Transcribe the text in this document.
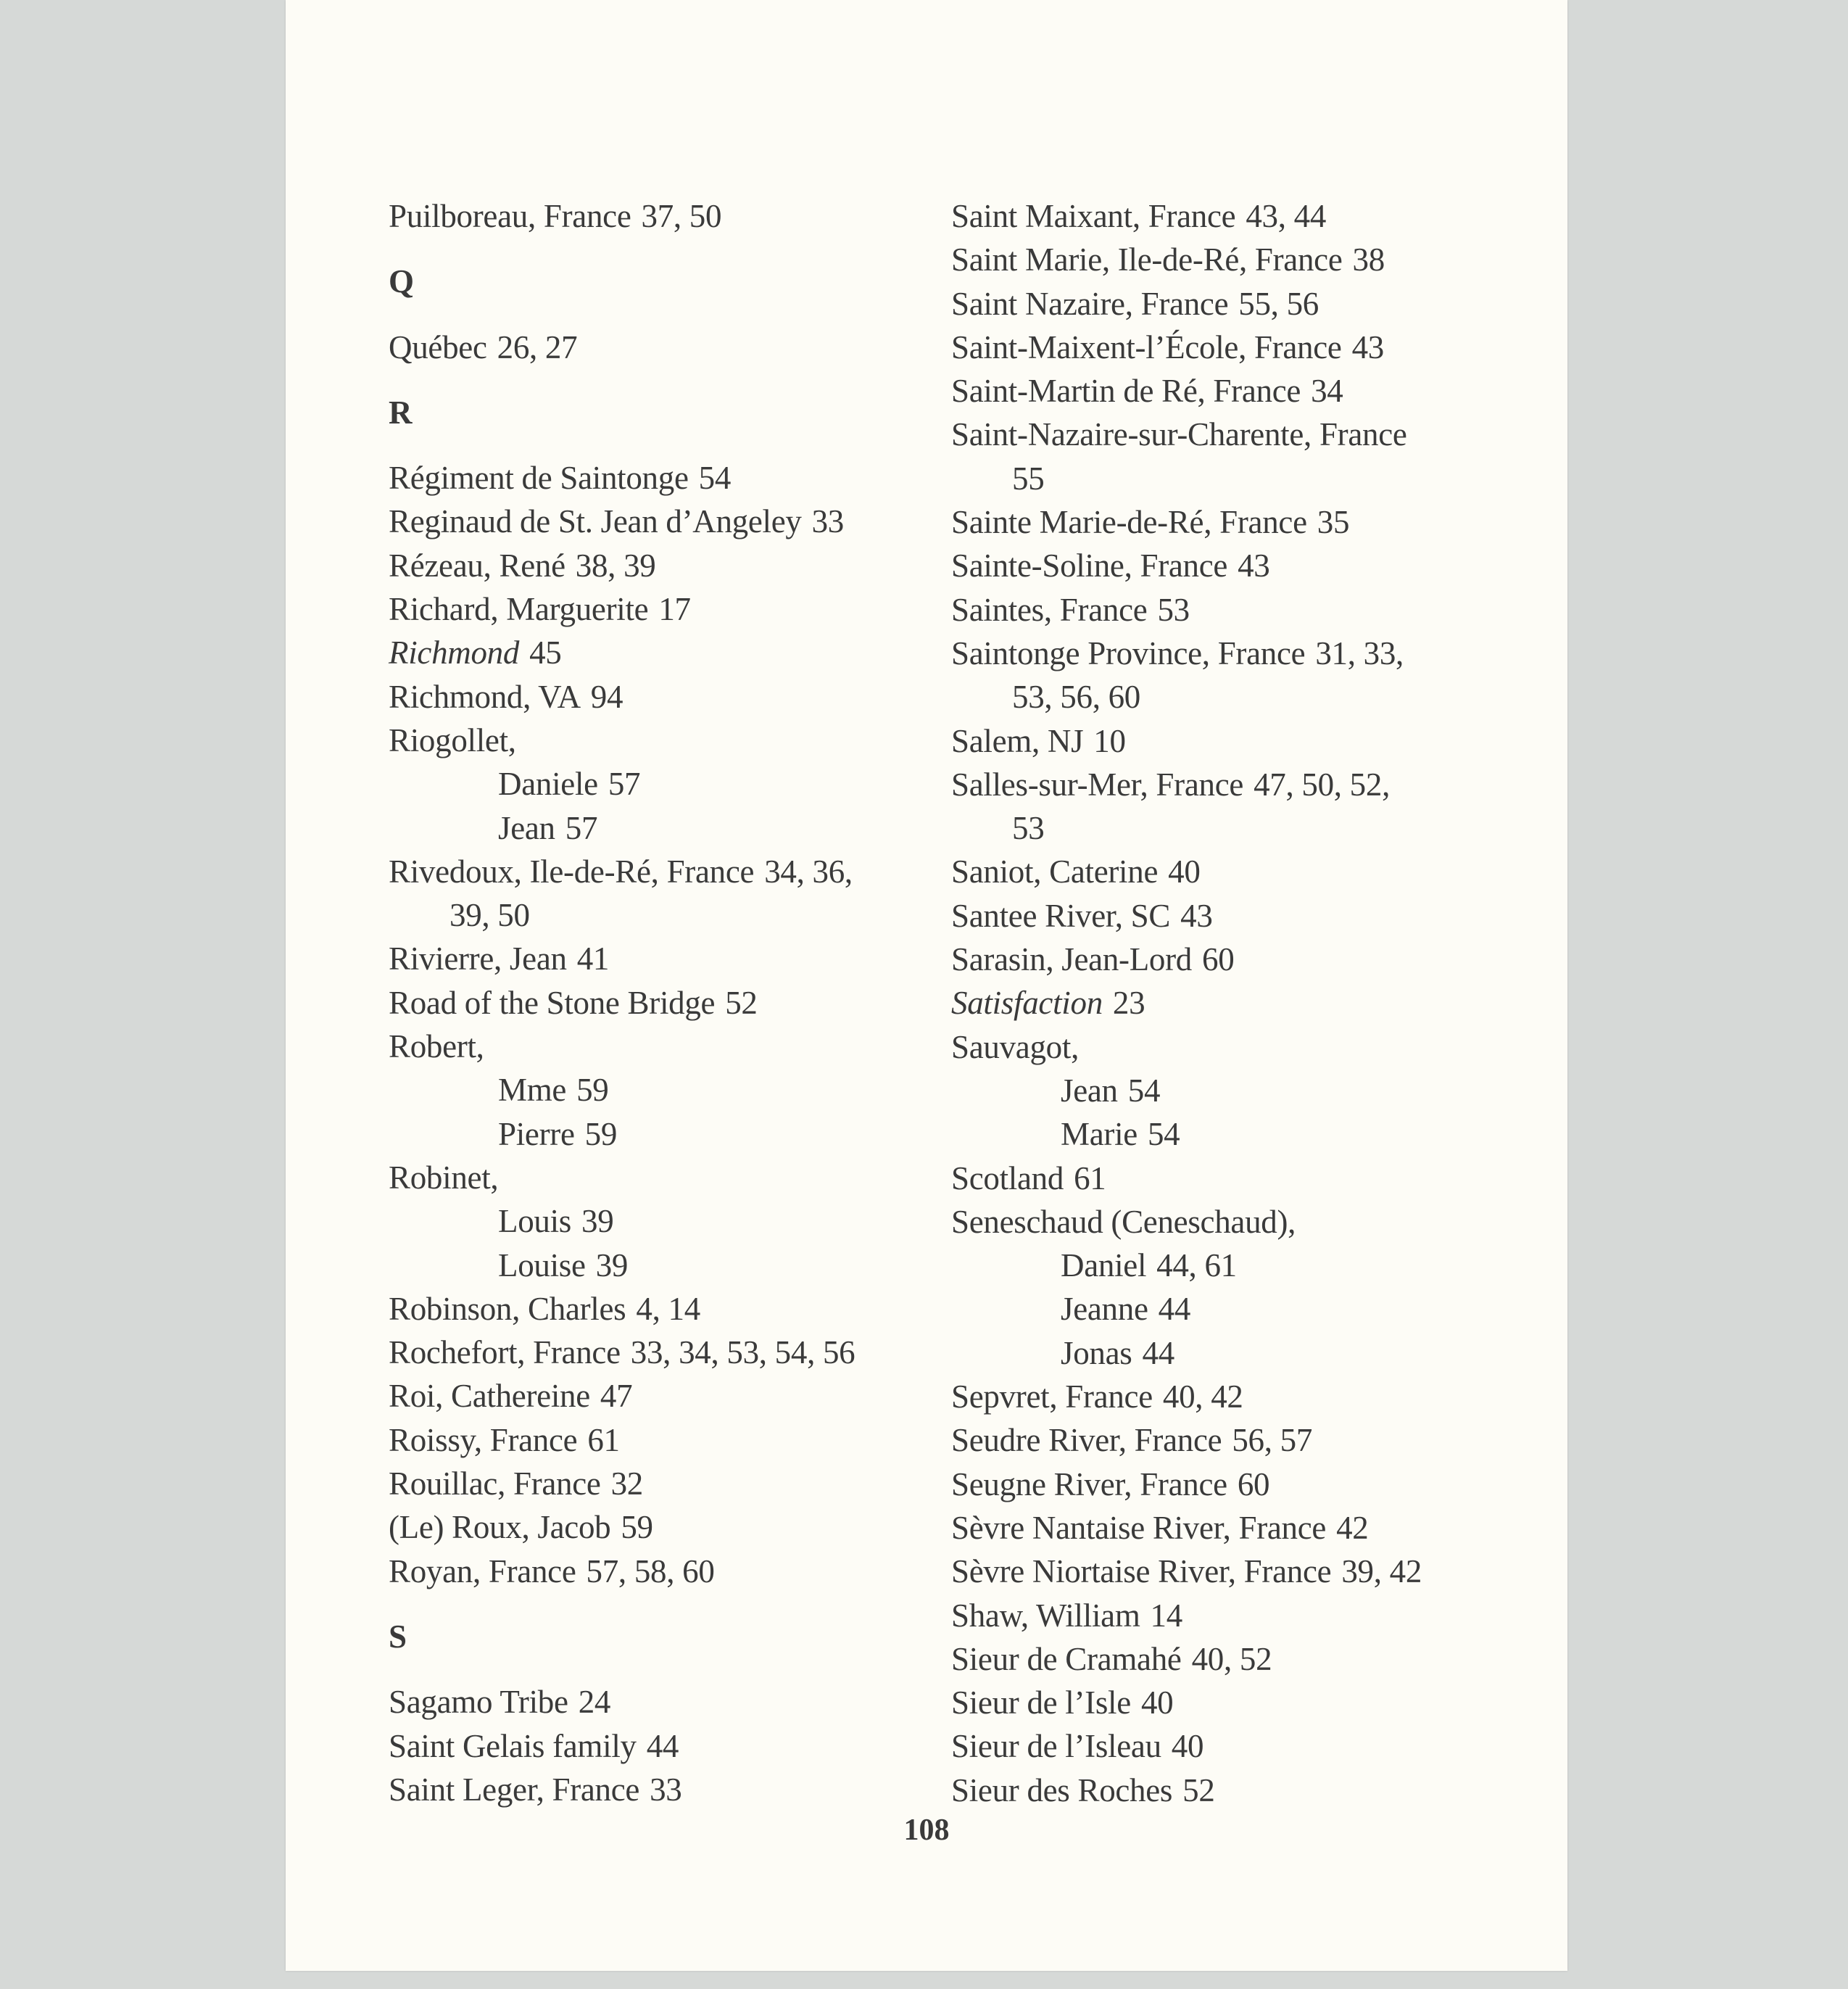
Puilboreau, France 37, 50
Q
Québec 26, 27
R
Régiment de Saintonge 54
Reginaud de St. Jean d’Angeley 33
Rézeau, René 38, 39
Richard, Marguerite 17
Richmond 45
Richmond, VA 94
Riogollet,
Daniele 57
Jean 57
Rivedoux, Ile-de-Ré, France 34, 36,
39, 50
Rivierre, Jean 41
Road of the Stone Bridge 52
Robert,
Mme 59
Pierre 59
Robinet,
Louis 39
Louise 39
Robinson, Charles 4, 14
Rochefort, France 33, 34, 53, 54, 56
Roi, Cathereine 47
Roissy, France 61
Rouillac, France 32
(Le) Roux, Jacob 59
Royan, France 57, 58, 60
S
Sagamo Tribe 24
Saint Gelais family 44
Saint Leger, France 33
Saint Maixant, France 43, 44
Saint Marie, Ile-de-Ré, France 38
Saint Nazaire, France 55, 56
Saint-Maixent-l’École, France 43
Saint-Martin de Ré, France 34
Saint-Nazaire-sur-Charente, France
55
Sainte Marie-de-Ré, France 35
Sainte-Soline, France 43
Saintes, France 53
Saintonge Province, France 31, 33,
53, 56, 60
Salem, NJ 10
Salles-sur-Mer, France 47, 50, 52,
53
Saniot, Caterine 40
Santee River, SC 43
Sarasin, Jean-Lord 60
Satisfaction 23
Sauvagot,
Jean 54
Marie 54
Scotland 61
Seneschaud (Ceneschaud),
Daniel 44, 61
Jeanne 44
Jonas 44
Sepvret, France 40, 42
Seudre River, France 56, 57
Seugne River, France 60
Sèvre Nantaise River, France 42
Sèvre Niortaise River, France 39, 42
Shaw, William 14
Sieur de Cramahé 40, 52
Sieur de l’Isle 40
Sieur de l’Isleau 40
Sieur des Roches 52
108
